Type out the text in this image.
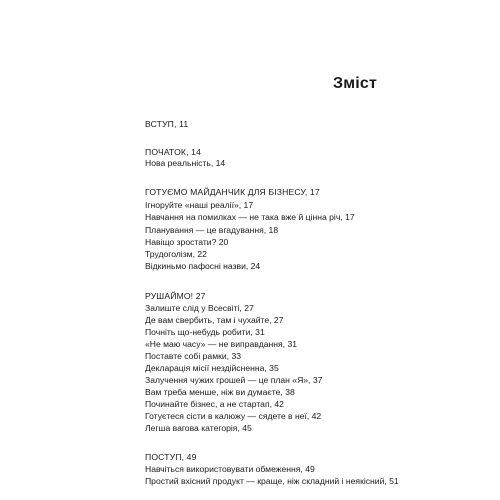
Зміст
ВСТУП, 11
ПОЧАТОК, 14
Нова реальність, 14
ГОТУЄМО МАЙДАНЧИК ДЛЯ БІЗНЕСУ, 17
Ігноруйте «наші реалії», 17
Навчання на помилках — не така вже й цінна річ, 17
Планування — це вгадування, 18
Навіщо зростати? 20
Трудоголізм, 22
Відкиньмо пафосні назви, 24
РУШАЙМО! 27
Залиште слід у Всесвіті, 27
Де вам свербить, там і чухайте, 27
Почніть що-небудь робити, 31
«Не маю часу» — не виправдання, 31
Поставте собі рамки, 33
Декларація місії нездійсненна, 35
Залучення чужих грошей — це план «Я», 37
Вам треба менше, ніж ви думаєте, 38
Починайте бізнес, а не стартап, 42
Готуєтеся сісти в калюжу — сядете в неї, 42
Легша вагова категорія, 45
ПОСТУП, 49
Навчіться використовувати обмеження, 49
Простий вхісний продукт — краще, ніж складний і неякісний, 51
